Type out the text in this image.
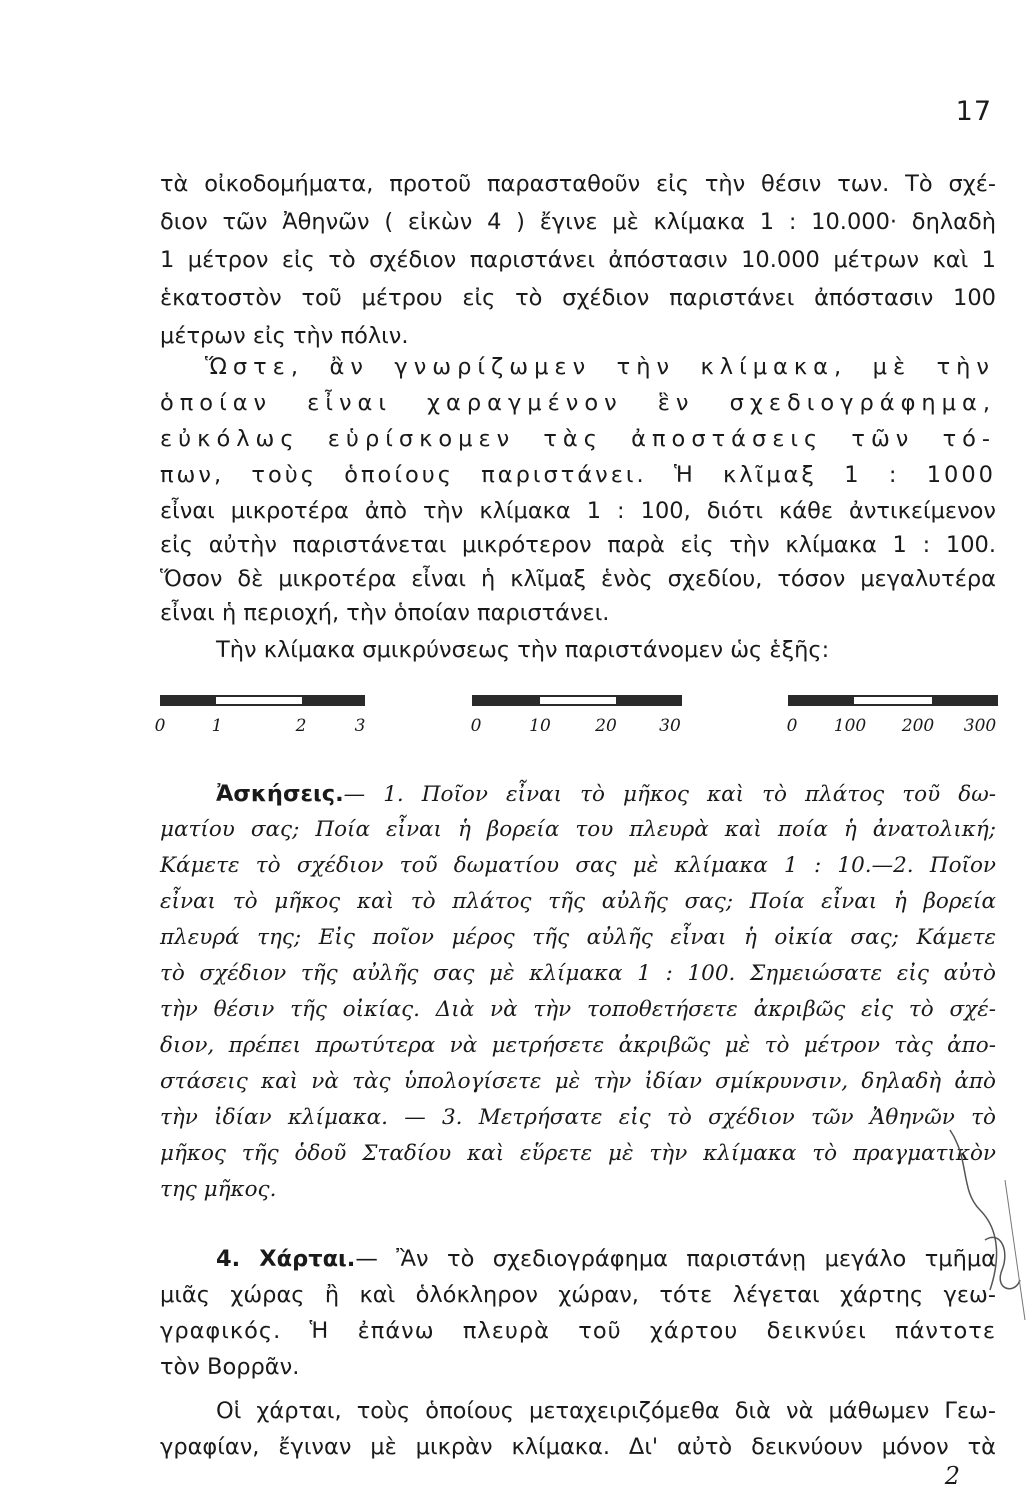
17
τὰ οἰκοδομήματα, προτοῦ παρασταθοῦν εἰς τὴν θέσιν των. Τὸ σχέ-
διον τῶν Ἀθηνῶν ( εἰκὼν 4 ) ἔγινε μὲ κλίμακα 1 : 10.000· δηλαδὴ
1 μέτρον εἰς τὸ σχέδιον παριστάνει ἀπόστασιν 10.000 μέτρων καὶ 1
ἑκατοστὸν τοῦ μέτρου εἰς τὸ σχέδιον παριστάνει ἀπόστασιν 100
μέτρων εἰς τὴν πόλιν.
Ὥστε, ἂν γνωρίζωμεν τὴν κλίμακα, μὲ τὴν
ὁποίαν εἶναι χαραγμένον ἓν σχεδιογράφημα,
εὐκόλως εὑρίσκομεν τὰς ἀποστάσεις τῶν τό-
πων, τοὺς ὁποίους παριστάνει. Ἡ κλῖμαξ 1 : 1000
εἶναι μικροτέρα ἀπὸ τὴν κλίμακα 1 : 100, διότι κάθε ἀντικείμενον
εἰς αὐτὴν παριστάνεται μικρότερον παρὰ εἰς τὴν κλίμακα 1 : 100.
Ὅσον δὲ μικροτέρα εἶναι ἡ κλῖμαξ ἑνὸς σχεδίου, τόσον μεγαλυτέρα
εἶναι ἡ περιοχή, τὴν ὁποίαν παριστάνει.
Τὴν κλίμακα σμικρύνσεως τὴν παριστάνομεν ὡς ἑξῆς:
0	1	2	3	0	10	20 30	0 100 200 300
Ἀσκήσεις.— 1. Ποῖον εἶναι τὸ μῆκος καὶ τὸ πλάτος τοῦ δω-
ματίου σας; Ποία εἶναι ἡ βορεία του πλευρὰ καὶ ποία ἡ ἀνατολική;
Κάμετε τὸ σχέδιον τοῦ δωματίου σας μὲ κλίμακα 1 : 10.—2. Ποῖον
εἶναι τὸ μῆκος καὶ τὸ πλάτος τῆς αὐλῆς σας; Ποία εἶναι ἡ βορεία
πλευρά της; Εἰς ποῖον μέρος τῆς αὐλῆς εἶναι ἡ οἰκία σας; Κάμετε
τὸ σχέδιον τῆς αὐλῆς σας μὲ κλίμακα 1 : 100. Σημειώσατε εἰς αὐτὸ
τὴν θέσιν τῆς οἰκίας. Διὰ νὰ τὴν τοποθετήσετε ἀκριβῶς εἰς τὸ σχέ-
διον, πρέπει πρωτύτερα νὰ μετρήσετε ἀκριβῶς μὲ τὸ μέτρον τὰς ἀπο-
στάσεις καὶ νὰ τὰς ὑπολογίσετε μὲ τὴν ἰδίαν σμίκρυνσιν, δηλαδὴ ἀπὸ
τὴν ἰδίαν κλίμακα. — 3. Μετρήσατε εἰς τὸ σχέδιον τῶν Ἀθηνῶν τὸ
μῆκος τῆς ὁδοῦ Σταδίου καὶ εὕρετε μὲ τὴν κλίμακα τὸ πραγματικὸν
της μῆκος.
4. Χάρται.— Ἂν τὸ σχεδιογράφημα παριστάνῃ μεγάλο τμῆμα
μιᾶς χώρας ἢ καὶ ὁλόκληρον χώραν, τότε λέγεται χάρτης γεω-
γραφικός. Ἡ ἐπάνω πλευρὰ τοῦ χάρτου δεικνύει πάντοτε
τὸν Βορρᾶν.
Οἱ χάρται, τοὺς ὁποίους μεταχειριζόμεθα διὰ νὰ μάθωμεν Γεω-
γραφίαν, ἔγιναν μὲ μικρὰν κλίμακα. Δι' αὐτὸ δεικνύουν μόνον τὰ
2
